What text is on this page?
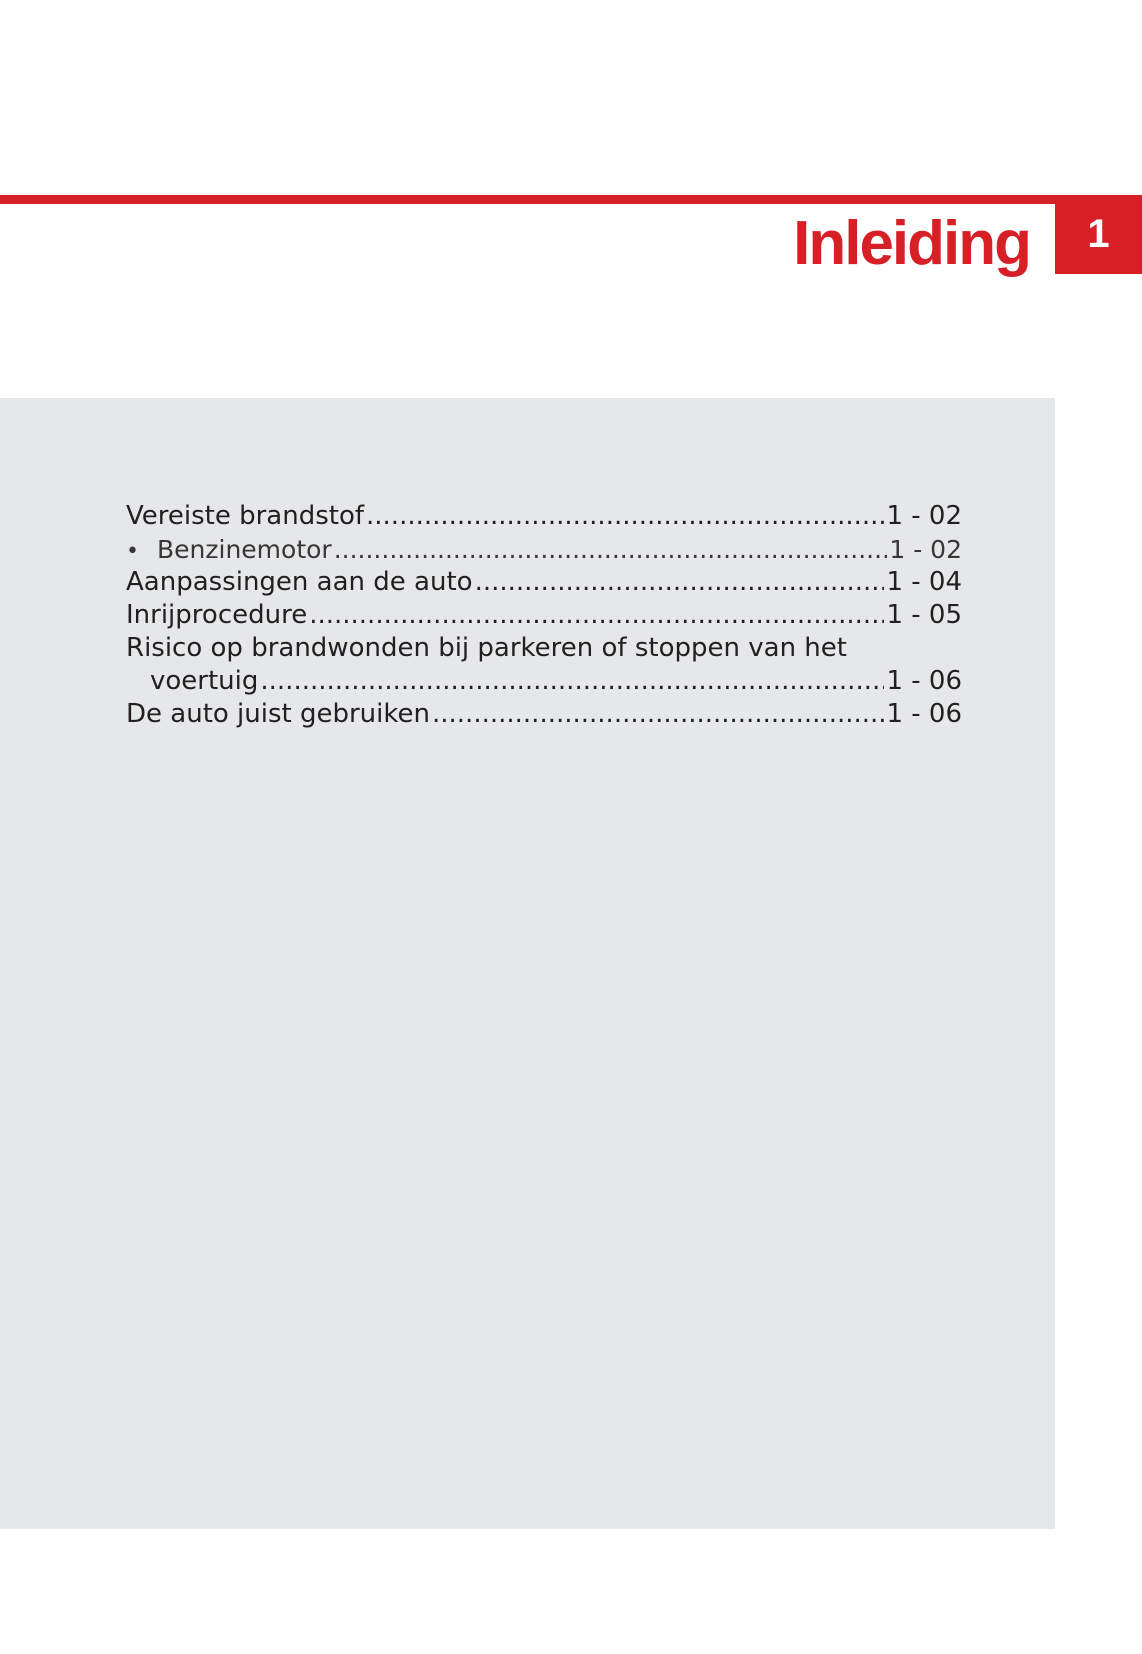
Inleiding	1
Vereiste brandstof .....	1 - 02
• Benzinemotor .....	1 - 02
Aanpassingen aan de auto .....	1 - 04
Inrijprocedure .....	1 - 05
Risico op brandwonden bij parkeren of stoppen van het
voertuig .....	1 - 06
De auto juist gebruiken .....	1 - 06
